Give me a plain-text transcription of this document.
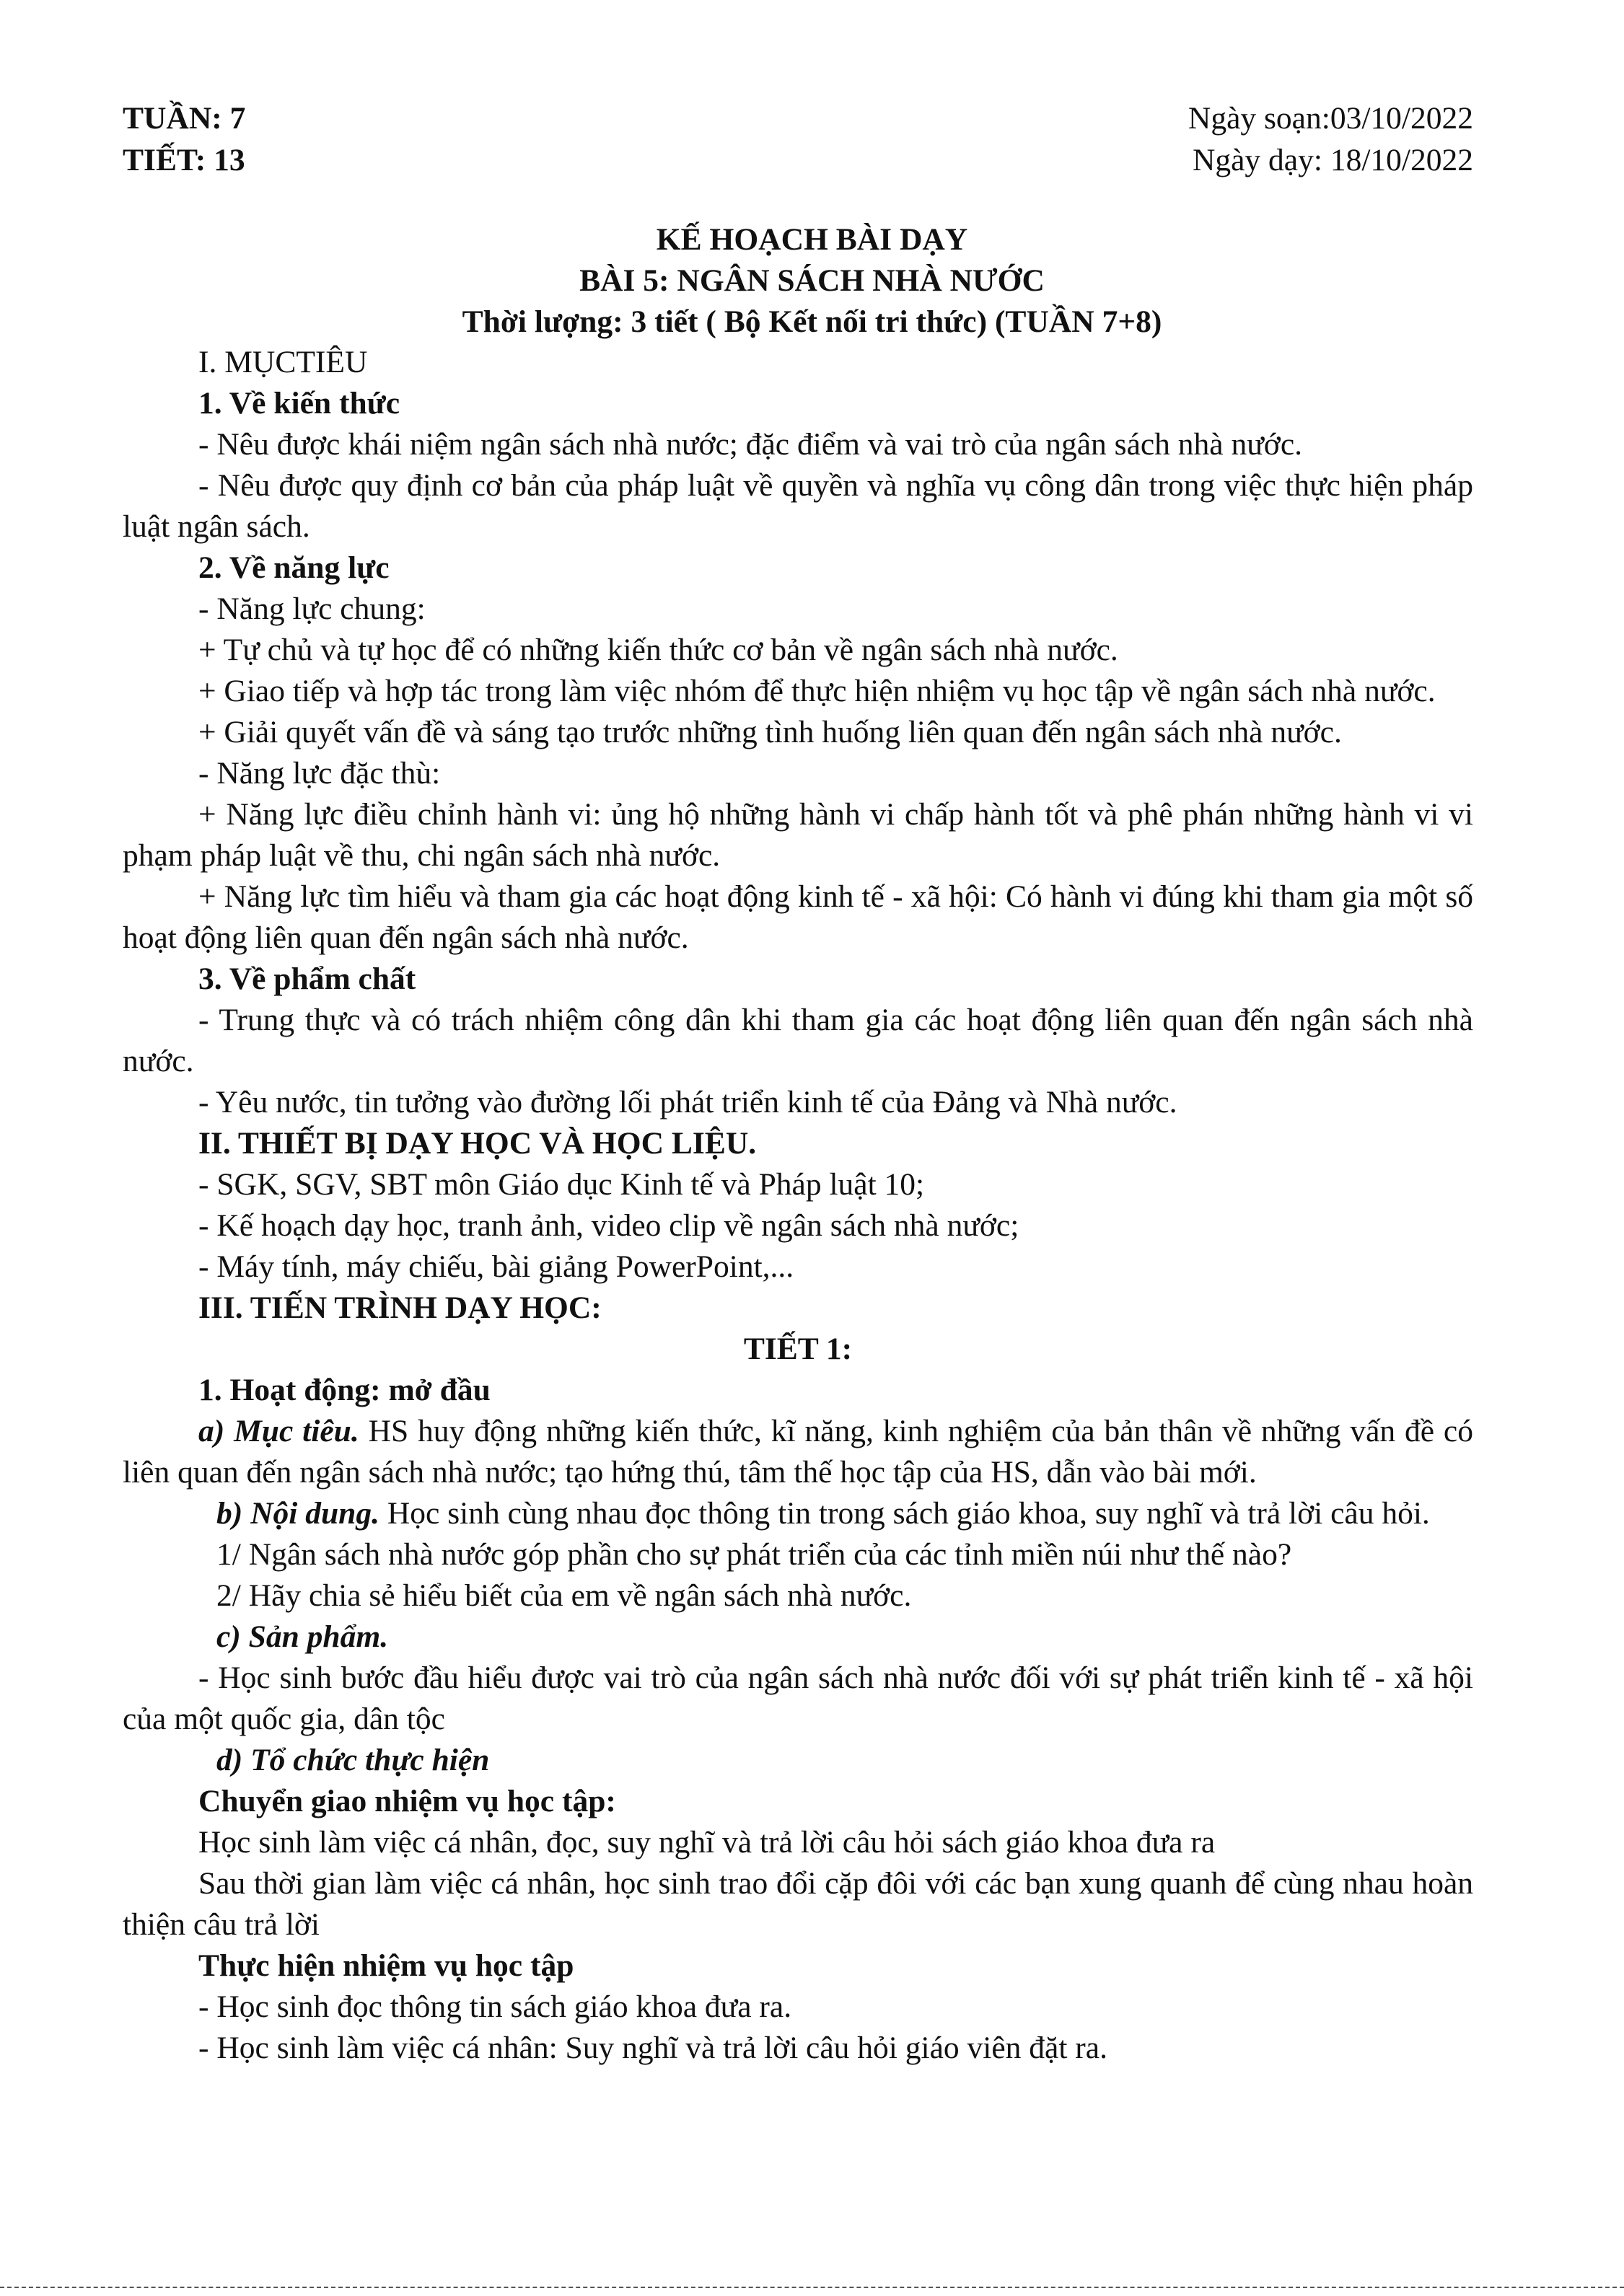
TUẦN: 7	Ngày soạn:03/10/2022
TIẾT: 13	Ngày dạy: 18/10/2022
KẾ HOẠCH BÀI DẠY
BÀI 5: NGÂN SÁCH NHÀ NƯỚC
Thời lượng: 3 tiết ( Bộ Kết nối tri thức) (TUẦN 7+8)
I. MỤCTIÊU
1. Về kiến thức
- Nêu được khái niệm ngân sách nhà nước; đặc điểm và vai trò của ngân sách nhà nước.
- Nêu được quy định cơ bản của pháp luật về quyền và nghĩa vụ công dân trong việc thực hiện pháp luật ngân sách.
2. Về năng lực
- Năng lực chung:
+ Tự chủ và tự học để có những kiến thức cơ bản về ngân sách nhà nước.
+ Giao tiếp và hợp tác trong làm việc nhóm để thực hiện nhiệm vụ học tập về ngân sách nhà nước.
+ Giải quyết vấn đề và sáng tạo trước những tình huống liên quan đến ngân sách nhà nước.
- Năng lực đặc thù:
+ Năng lực điều chỉnh hành vi: ủng hộ những hành vi chấp hành tốt và phê phán những hành vi vi phạm pháp luật về thu, chi ngân sách nhà nước.
+ Năng lực tìm hiểu và tham gia các hoạt động kinh tế - xã hội: Có hành vi đúng khi tham gia một số hoạt động liên quan đến ngân sách nhà nước.
3. Về phẩm chất
- Trung thực và có trách nhiệm công dân khi tham gia các hoạt động liên quan đến ngân sách nhà nước.
- Yêu nước, tin tưởng vào đường lối phát triển kinh tế của Đảng và Nhà nước.
II. THIẾT BỊ DẠY HỌC VÀ HỌC LIỆU.
- SGK, SGV, SBT môn Giáo dục Kinh tế và Pháp luật 10;
- Kế hoạch dạy học, tranh ảnh, video clip về ngân sách nhà nước;
- Máy tính, máy chiếu, bài giảng PowerPoint,...
III. TIẾN TRÌNH DẠY HỌC:
TIẾT 1:
1. Hoạt động: mở đầu
a) Mục tiêu. HS huy động những kiến thức, kĩ năng, kinh nghiệm của bản thân về những vấn đề có liên quan đến ngân sách nhà nước; tạo hứng thú, tâm thế học tập của HS, dẫn vào bài mới.
b) Nội dung. Học sinh cùng nhau đọc thông tin trong sách giáo khoa, suy nghĩ và trả lời câu hỏi.
1/ Ngân sách nhà nước góp phần cho sự phát triển của các tỉnh miền núi như thế nào?
2/ Hãy chia sẻ hiểu biết của em về ngân sách nhà nước.
c) Sản phẩm.
- Học sinh bước đầu hiểu được vai trò của ngân sách nhà nước đối với sự phát triển kinh tế - xã hội của một quốc gia, dân tộc
d) Tổ chức thực hiện
Chuyển giao nhiệm vụ học tập:
Học sinh làm việc cá nhân, đọc, suy nghĩ và trả lời câu hỏi sách giáo khoa đưa ra
Sau thời gian làm việc cá nhân, học sinh trao đổi cặp đôi với các bạn xung quanh để cùng nhau hoàn thiện câu trả lời
Thực hiện nhiệm vụ học tập
- Học sinh đọc thông tin sách giáo khoa đưa ra.
- Học sinh làm việc cá nhân: Suy nghĩ và trả lời câu hỏi giáo viên đặt ra.
